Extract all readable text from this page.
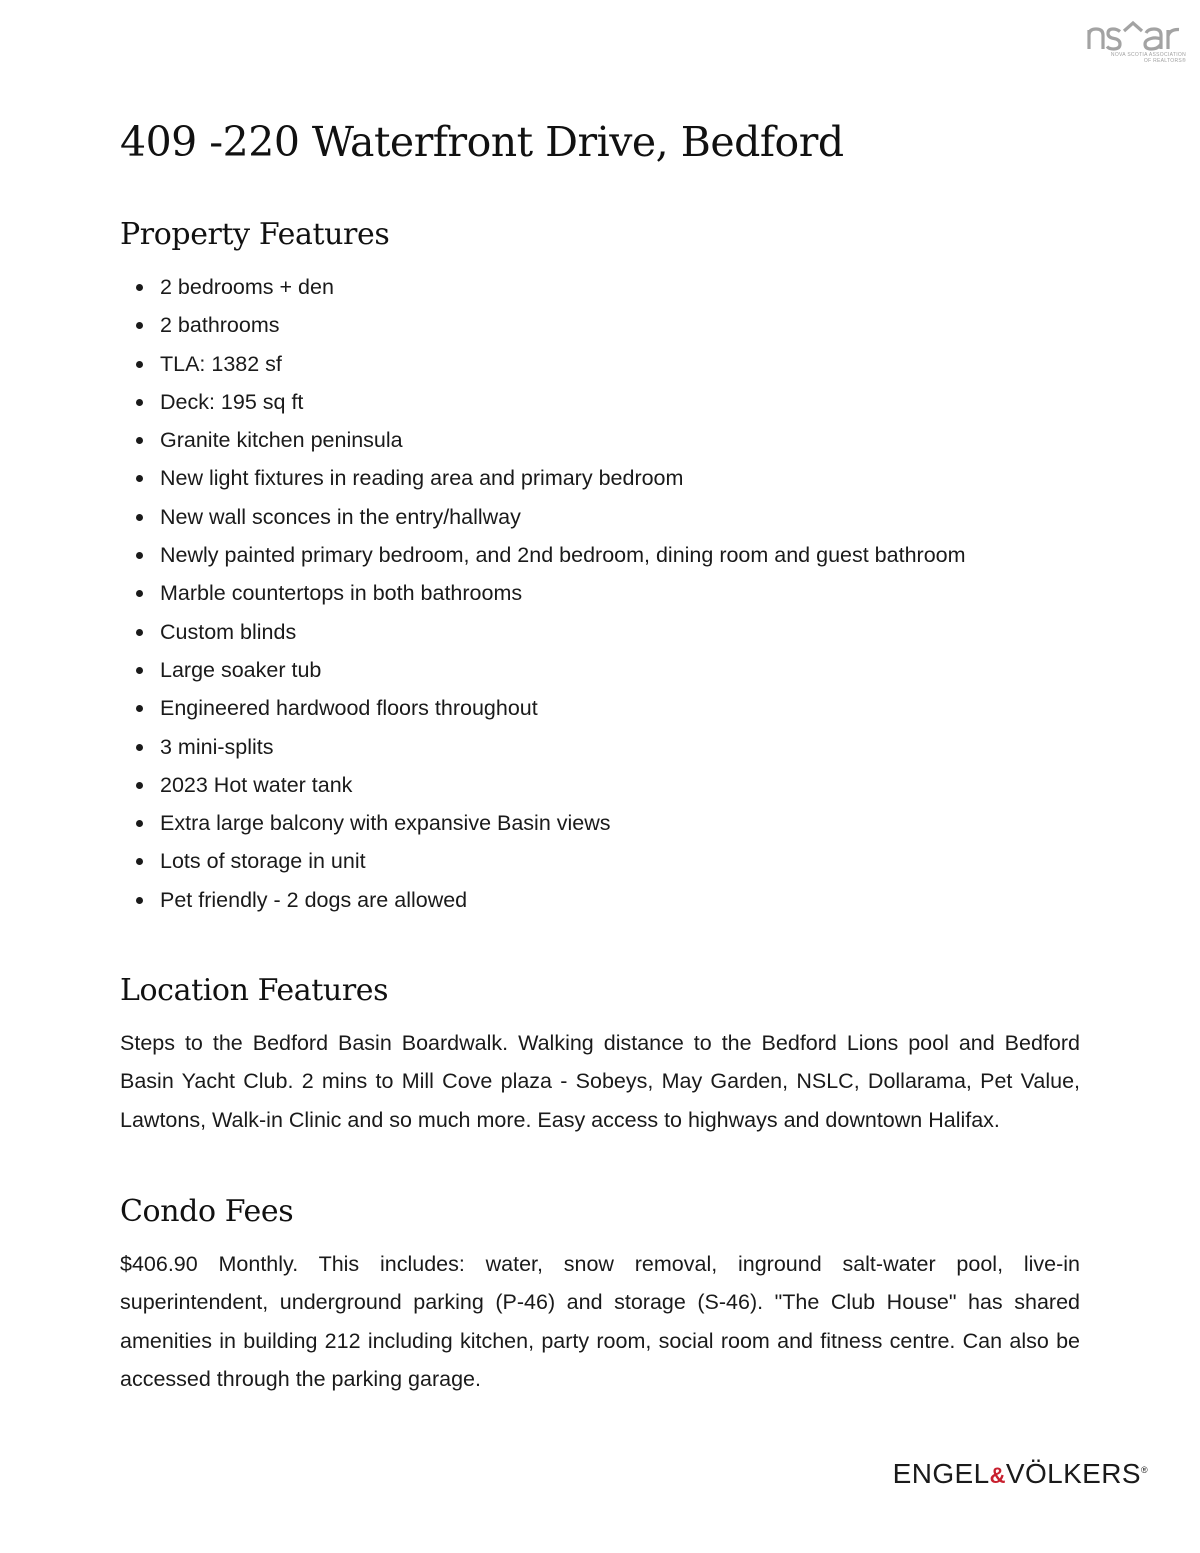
NOVA SCOTIA ASSOCIATION
OF REALTORS®
409 -220 Waterfront Drive, Bedford
Property Features
2 bedrooms + den
2 bathrooms
TLA: 1382 sf
Deck: 195 sq ft
Granite kitchen peninsula
New light fixtures in reading area and primary bedroom
New wall sconces in the entry/hallway
Newly painted primary bedroom, and 2nd bedroom, dining room and guest bathroom
Marble countertops in both bathrooms
Custom blinds
Large soaker tub
Engineered hardwood floors throughout
3 mini-splits
2023 Hot water tank
Extra large balcony with expansive Basin views
Lots of storage in unit
Pet friendly - 2 dogs are allowed
Location Features

Steps to the Bedford Basin Boardwalk. Walking distance to the Bedford Lions pool and Bedford Basin Yacht Club. 2 mins to Mill Cove plaza - Sobeys, May Garden, NSLC, Dollarama, Pet Value, Lawtons, Walk-in Clinic and so much more. Easy access to highways and downtown Halifax.

Condo Fees

$406.90 Monthly. This includes: water, snow removal, inground salt-water pool, live-in superintendent, underground parking (P-46) and storage (S-46). "The Club House" has shared amenities in building 212 including kitchen, party room, social room and fitness centre. Can also be accessed through the parking garage.

ENGEL&VÖLKERS®
